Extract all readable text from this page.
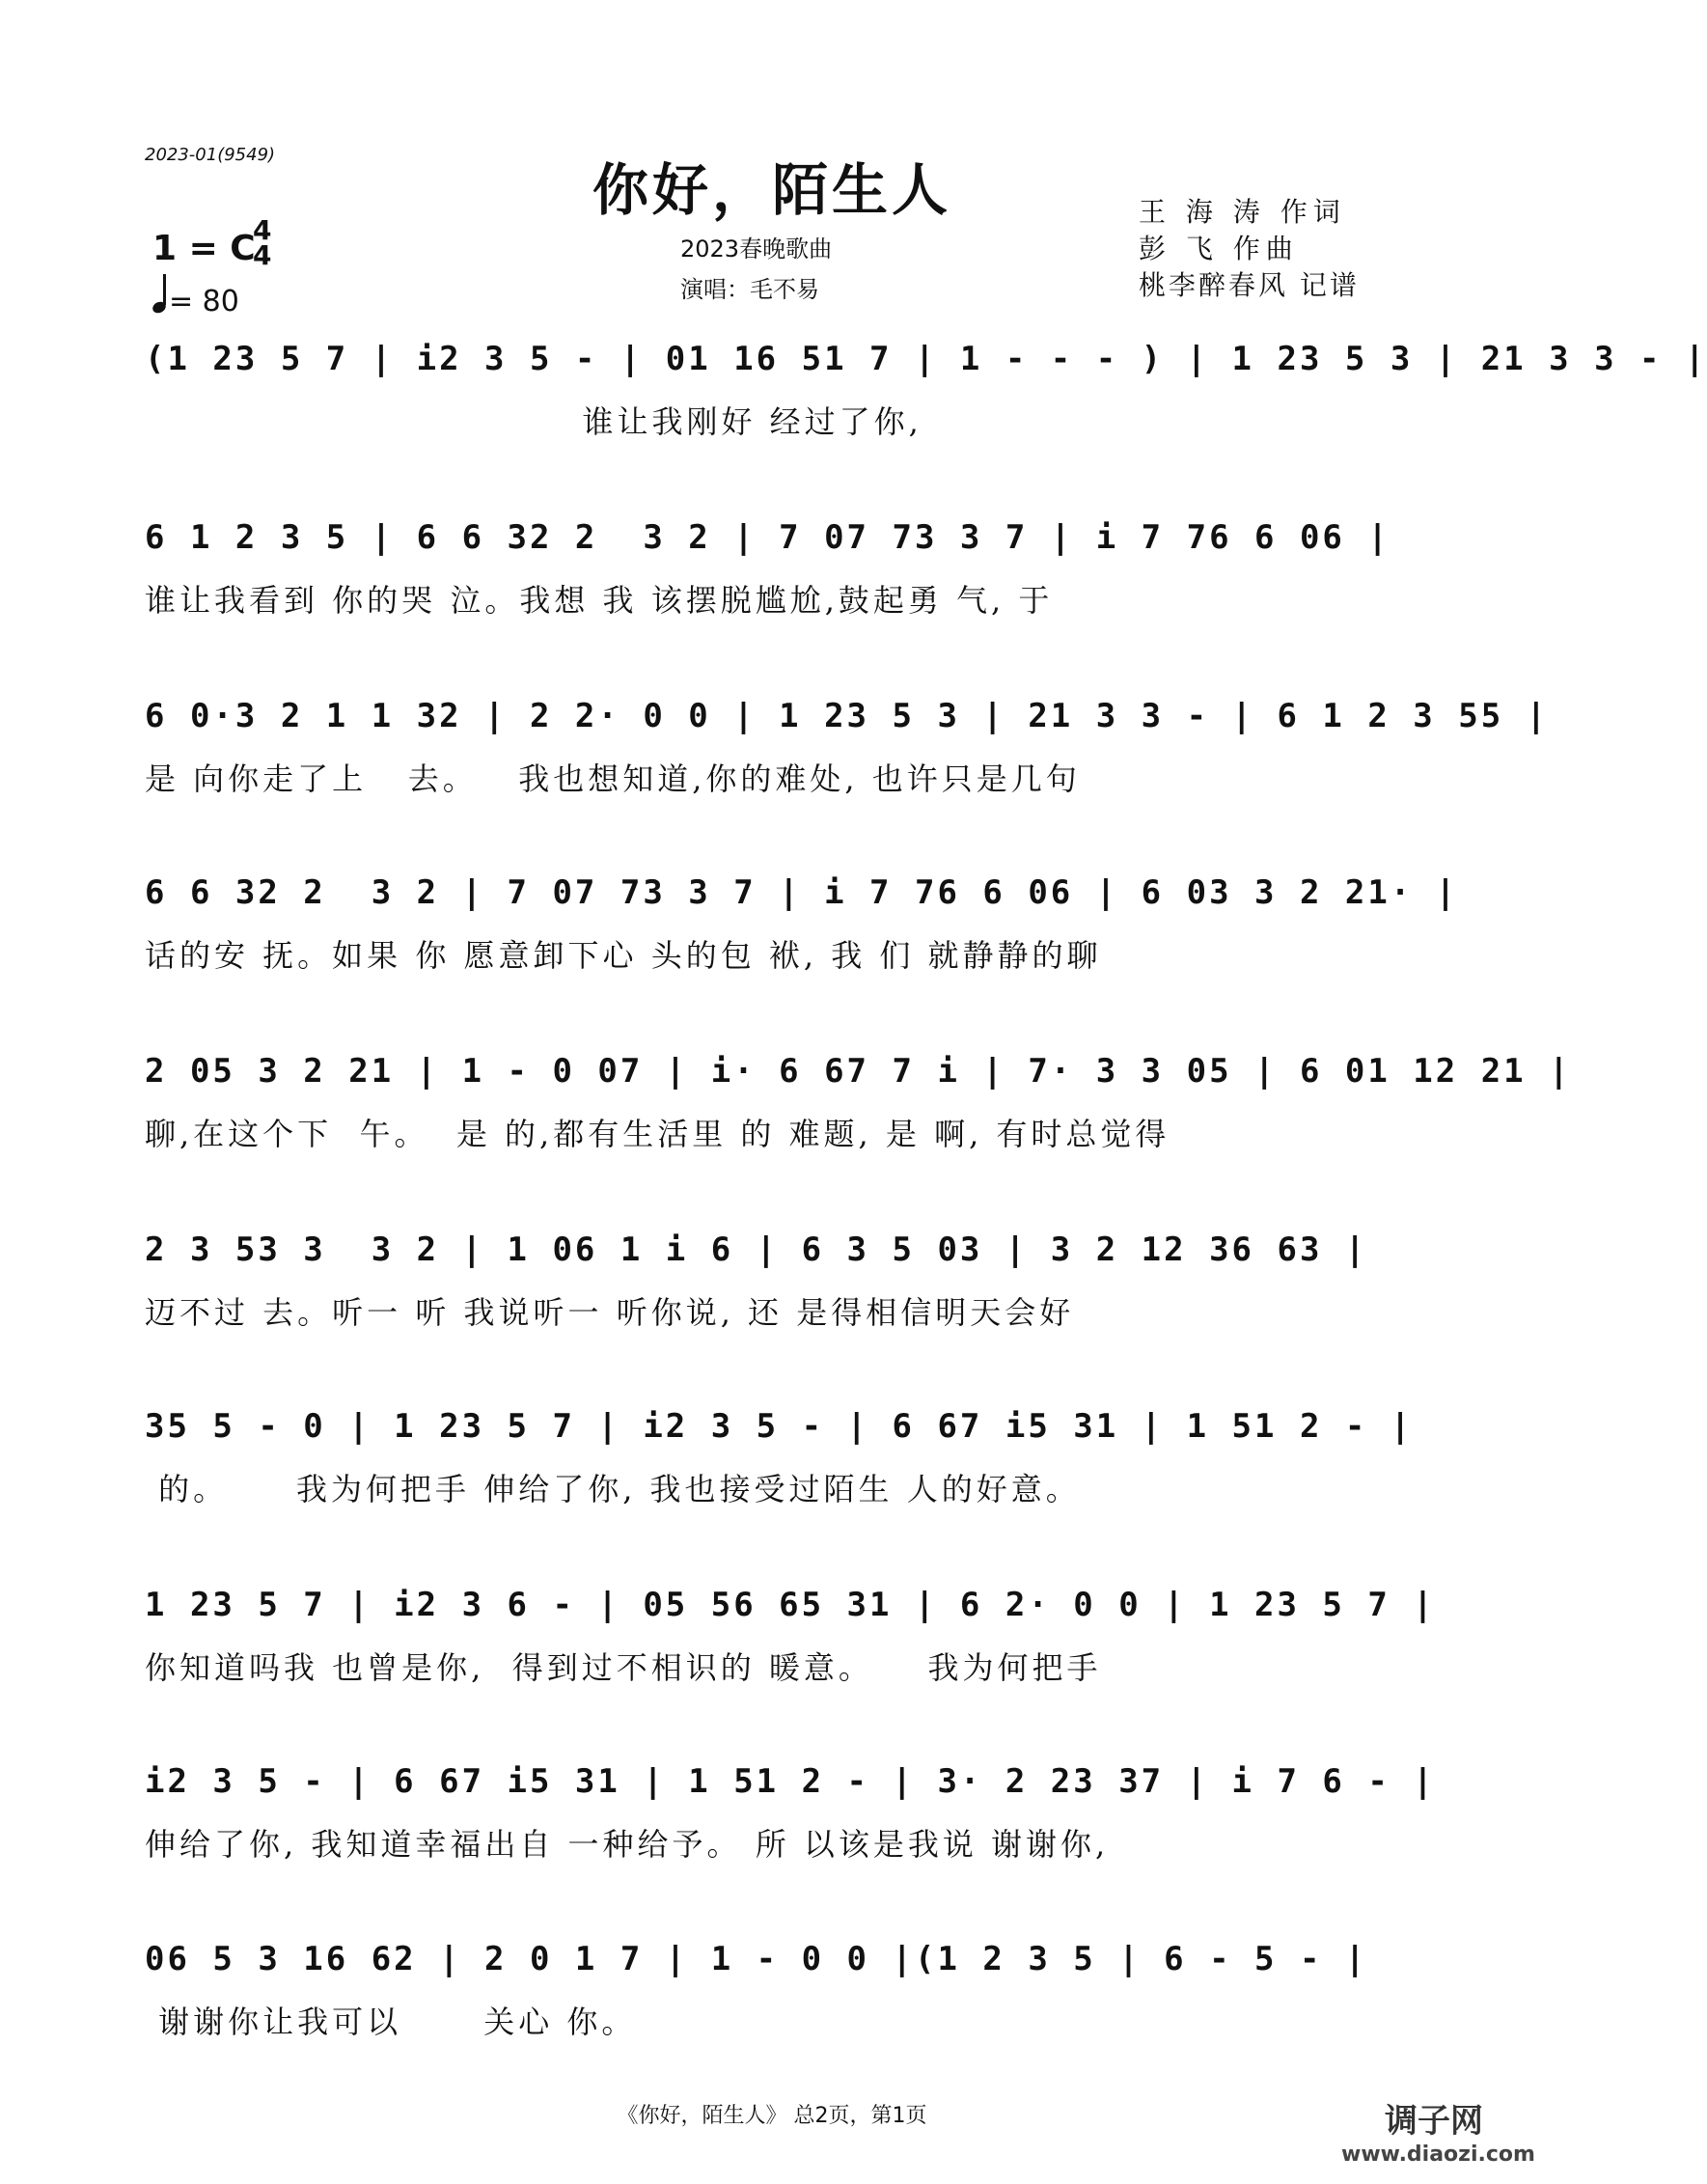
2023-01(9549)
你好，陌生人
2023春晚歌曲
演唱：毛不易
王 海 涛 作词
彭 飞 作曲
桃李醉春风 记谱
1 = C
4
4
= 80
(1 23 5 7 | i2 3 5 - | 01 16 51 7 | 1 - - - ) | 1 23 5 3 | 21 3 3 - |
谁让我刚好 经过了你,
6 1 2 3 5 | 6 6 32 2  3 2 | 7 07 73 3 7 | i 7 76 6 06 |
谁让我看到 你的哭 泣。我想 我 该摆脱尴尬,鼓起勇 气, 于
6 0·3 2 1 1 32 | 2 2· 0 0 | 1 23 5 3 | 21 3 3 - | 6 1 2 3 55 |
是 向你走了上   去。   我也想知道,你的难处, 也许只是几句
6 6 32 2  3 2 | 7 07 73 3 7 | i 7 76 6 06 | 6 03 3 2 21· |
话的安 抚。如果 你 愿意卸下心 头的包 袱, 我 们 就静静的聊
2 05 3 2 21 | 1 - 0 07 | i· 6 67 7 i | 7· 3 3 05 | 6 01 12 21 |
聊,在这个下  午。  是 的,都有生活里 的 难题, 是 啊, 有时总觉得
2 3 53 3  3 2 | 1 06 1 i 6 | 6 3 5 03 | 3 2 12 36 63 |
迈不过 去。听一 听 我说听一 听你说, 还 是得相信明天会好
35 5 - 0 | 1 23 5 7 | i2 3 5 - | 6 67 i5 31 | 1 51 2 - |
的。     我为何把手 伸给了你, 我也接受过陌生 人的好意。
1 23 5 7 | i2 3 6 - | 05 56 65 31 | 6 2· 0 0 | 1 23 5 7 |
你知道吗我 也曾是你,  得到过不相识的 暖意。    我为何把手
i2 3 5 - | 6 67 i5 31 | 1 51 2 - | 3· 2 23 37 | i 7 6 - |
伸给了你, 我知道幸福出自 一种给予。 所 以该是我说 谢谢你,
06 5 3 16 62 | 2 0 1 7 | 1 - 0 0 |(1 2 3 5 | 6 - 5 - |
谢谢你让我可以      关心 你。
《你好，陌生人》 总2页，第1页	调子网
www.diaozi.com
